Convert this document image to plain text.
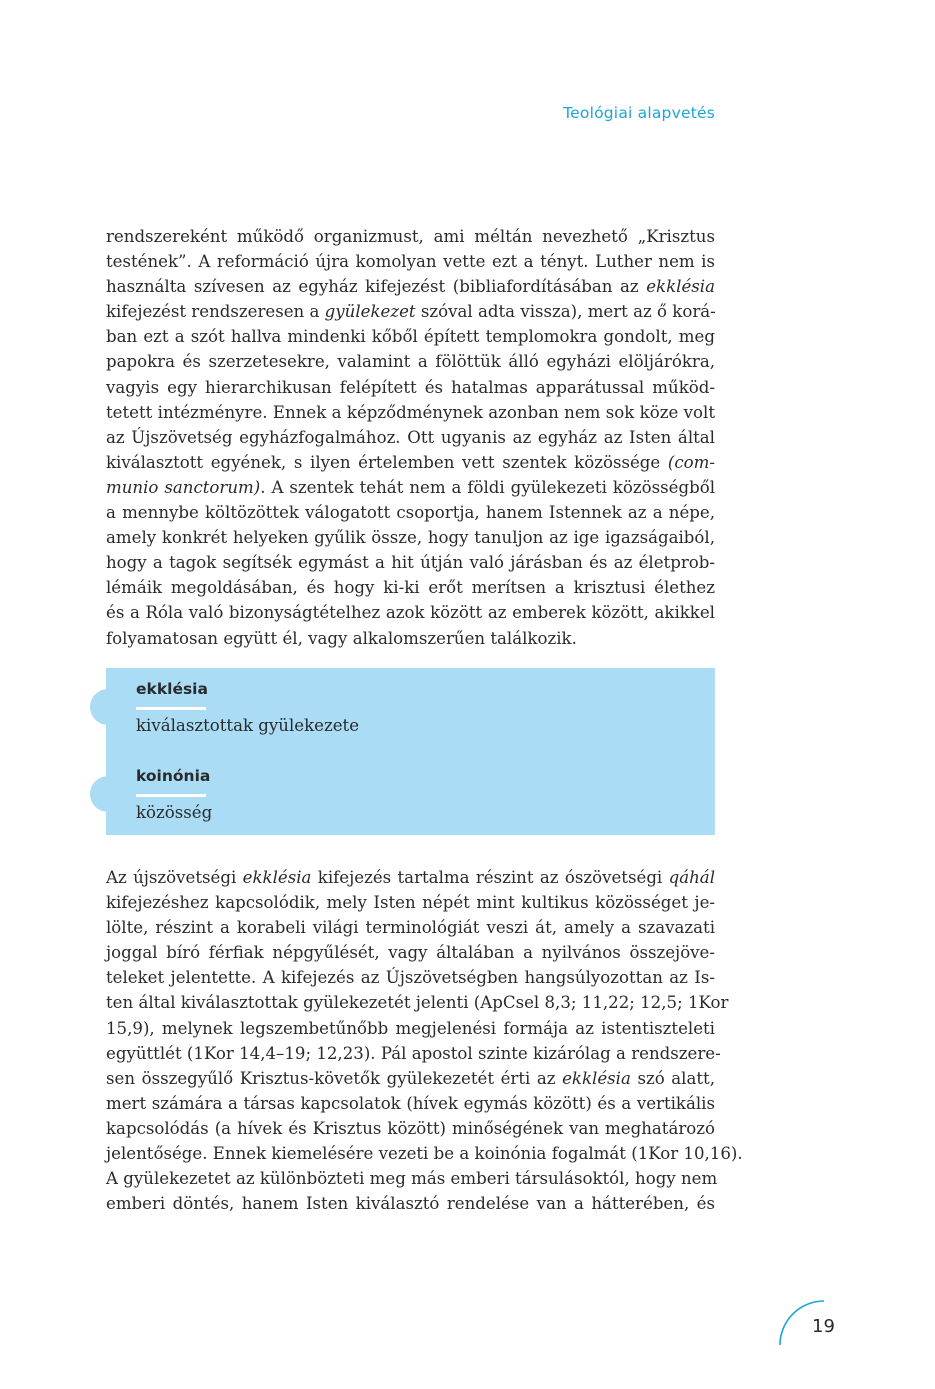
Teológiai alapvetés
rendszereként működő organizmust, ami méltán nevezhető „Krisztus
testének”. A reformáció újra komolyan vette ezt a tényt. Luther nem is
használta szívesen az egyház kifejezést (bibliafordításában az ekklésia
kifejezést rendszeresen a gyülekezet szóval adta vissza), mert az ő korá-
ban ezt a szót hallva mindenki kőből épített templomokra gondolt, meg
papokra és szerzetesekre, valamint a fölöttük álló egyházi elöljárókra,
vagyis egy hierarchikusan felépített és hatalmas apparátussal működ-
tetett intézményre. Ennek a képződménynek azonban nem sok köze volt
az Újszövetség egyházfogalmához. Ott ugyanis az egyház az Isten által
kiválasztott egyének, s ilyen értelemben vett szentek közössége (com-
munio sanctorum). A szentek tehát nem a földi gyülekezeti közösségből
a mennybe költözöttek válogatott csoportja, hanem Istennek az a népe,
amely konkrét helyeken gyűlik össze, hogy tanuljon az ige igazságaiból,
hogy a tagok segítsék egymást a hit útján való járásban és az életprob-
lémáik megoldásában, és hogy ki-ki erőt merítsen a krisztusi élethez
és a Róla való bizonyságtételhez azok között az emberek között, akikkel
folyamatosan együtt él, vagy alkalomszerűen találkozik.
ekklésia
kiválasztottak gyülekezete
koinónia
közösség
Az újszövetségi ekklésia kifejezés tartalma részint az ószövetségi qáhál
kifejezéshez kapcsolódik, mely Isten népét mint kultikus közösséget je-
lölte, részint a korabeli világi terminológiát veszi át, amely a szavazati
joggal bíró férfiak népgyűlését, vagy általában a nyilvános összejöve-
teleket jelentette. A kifejezés az Újszövetségben hangsúlyozottan az Is-
ten által kiválasztottak gyülekezetét jelenti (ApCsel 8,3; 11,22; 12,5; 1Kor
15,9), melynek legszembetűnőbb megjelenési formája az istentiszteleti
együttlét (1Kor 14,4–19; 12,23). Pál apostol szinte kizárólag a rendszere-
sen összegyűlő Krisztus-követők gyülekezetét érti az ekklésia szó alatt,
mert számára a társas kapcsolatok (hívek egymás között) és a vertikális
kapcsolódás (a hívek és Krisztus között) minőségének van meghatározó
jelentősége. Ennek kiemelésére vezeti be a koinónia fogalmát (1Kor 10,16).
A gyülekezetet az különbözteti meg más emberi társulásoktól, hogy nem
emberi döntés, hanem Isten kiválasztó rendelése van a hátterében, és
19
